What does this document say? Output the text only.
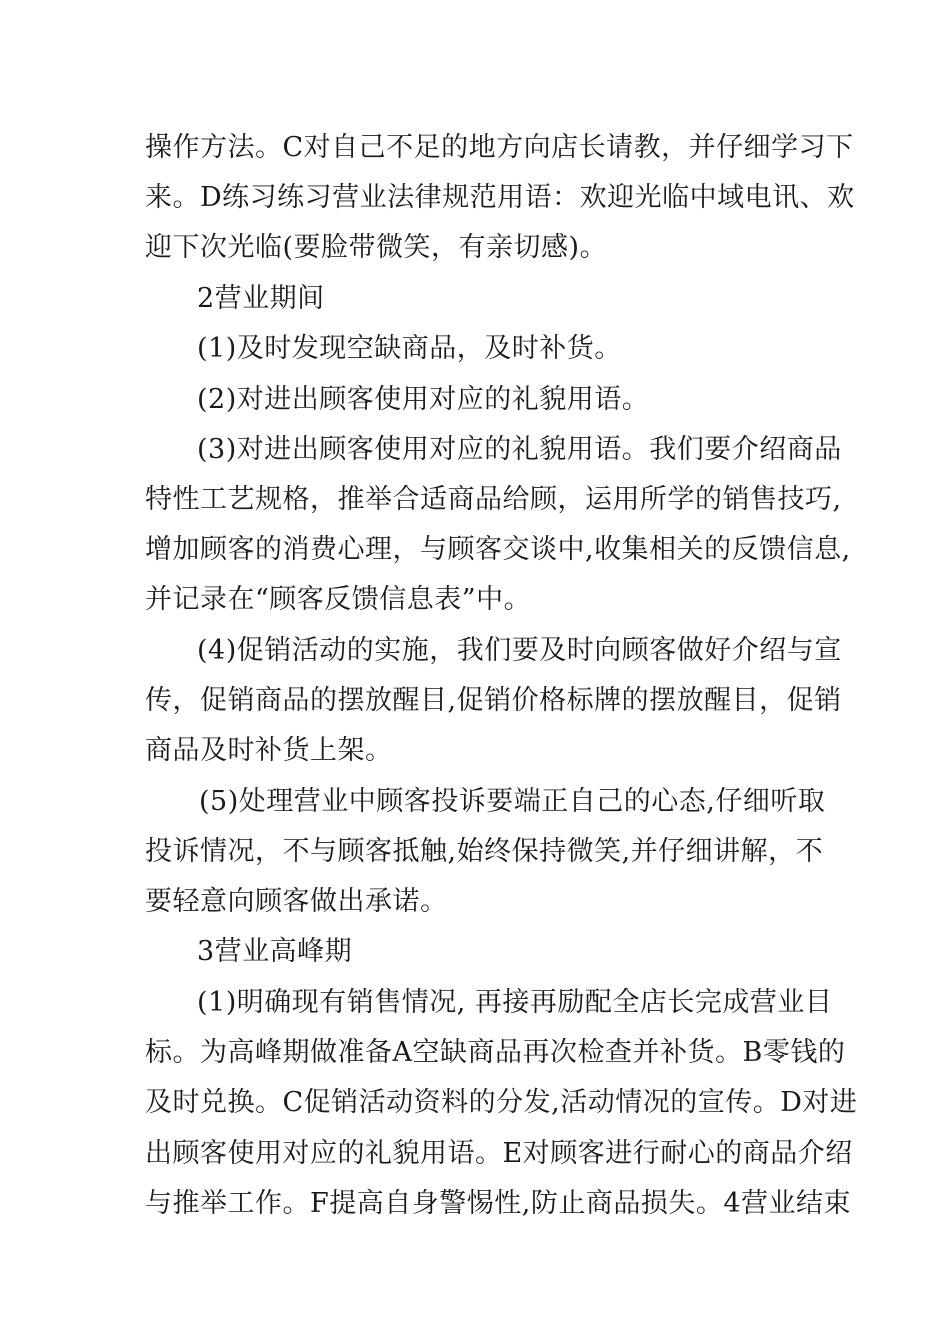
操作方法。C对自己不足的地方向店长请教，并仔细学习下
来。D练习练习营业法律规范用语：欢迎光临中域电讯、欢
迎下次光临(要脸带微笑，有亲切感)。
2营业期间
(1)及时发现空缺商品，及时补货。
(2)对进出顾客使用对应的礼貌用语。
(3)对进出顾客使用对应的礼貌用语。我们要介绍商品
特性工艺规格，推举合适商品给顾，运用所学的销售技巧,
增加顾客的消费心理，与顾客交谈中,收集相关的反馈信息,
并记录在“顾客反馈信息表”中。
(4)促销活动的实施，我们要及时向顾客做好介绍与宣
传，促销商品的摆放醒目,促销价格标牌的摆放醒目，促销
商品及时补货上架。
(5)处理营业中顾客投诉要端正自己的心态,仔细听取
投诉情况，不与顾客抵触,始终保持微笑,并仔细讲解，不
要轻意向顾客做出承诺。
3营业高峰期
(1)明确现有销售情况, 再接再励配全店长完成营业目
标。为高峰期做准备A空缺商品再次检查并补货。B零钱的
及时兑换。C促销活动资料的分发,活动情况的宣传。D对进
出顾客使用对应的礼貌用语。E对顾客进行耐心的商品介绍
与推举工作。F提高自身警惕性,防止商品损失。4营业结束
